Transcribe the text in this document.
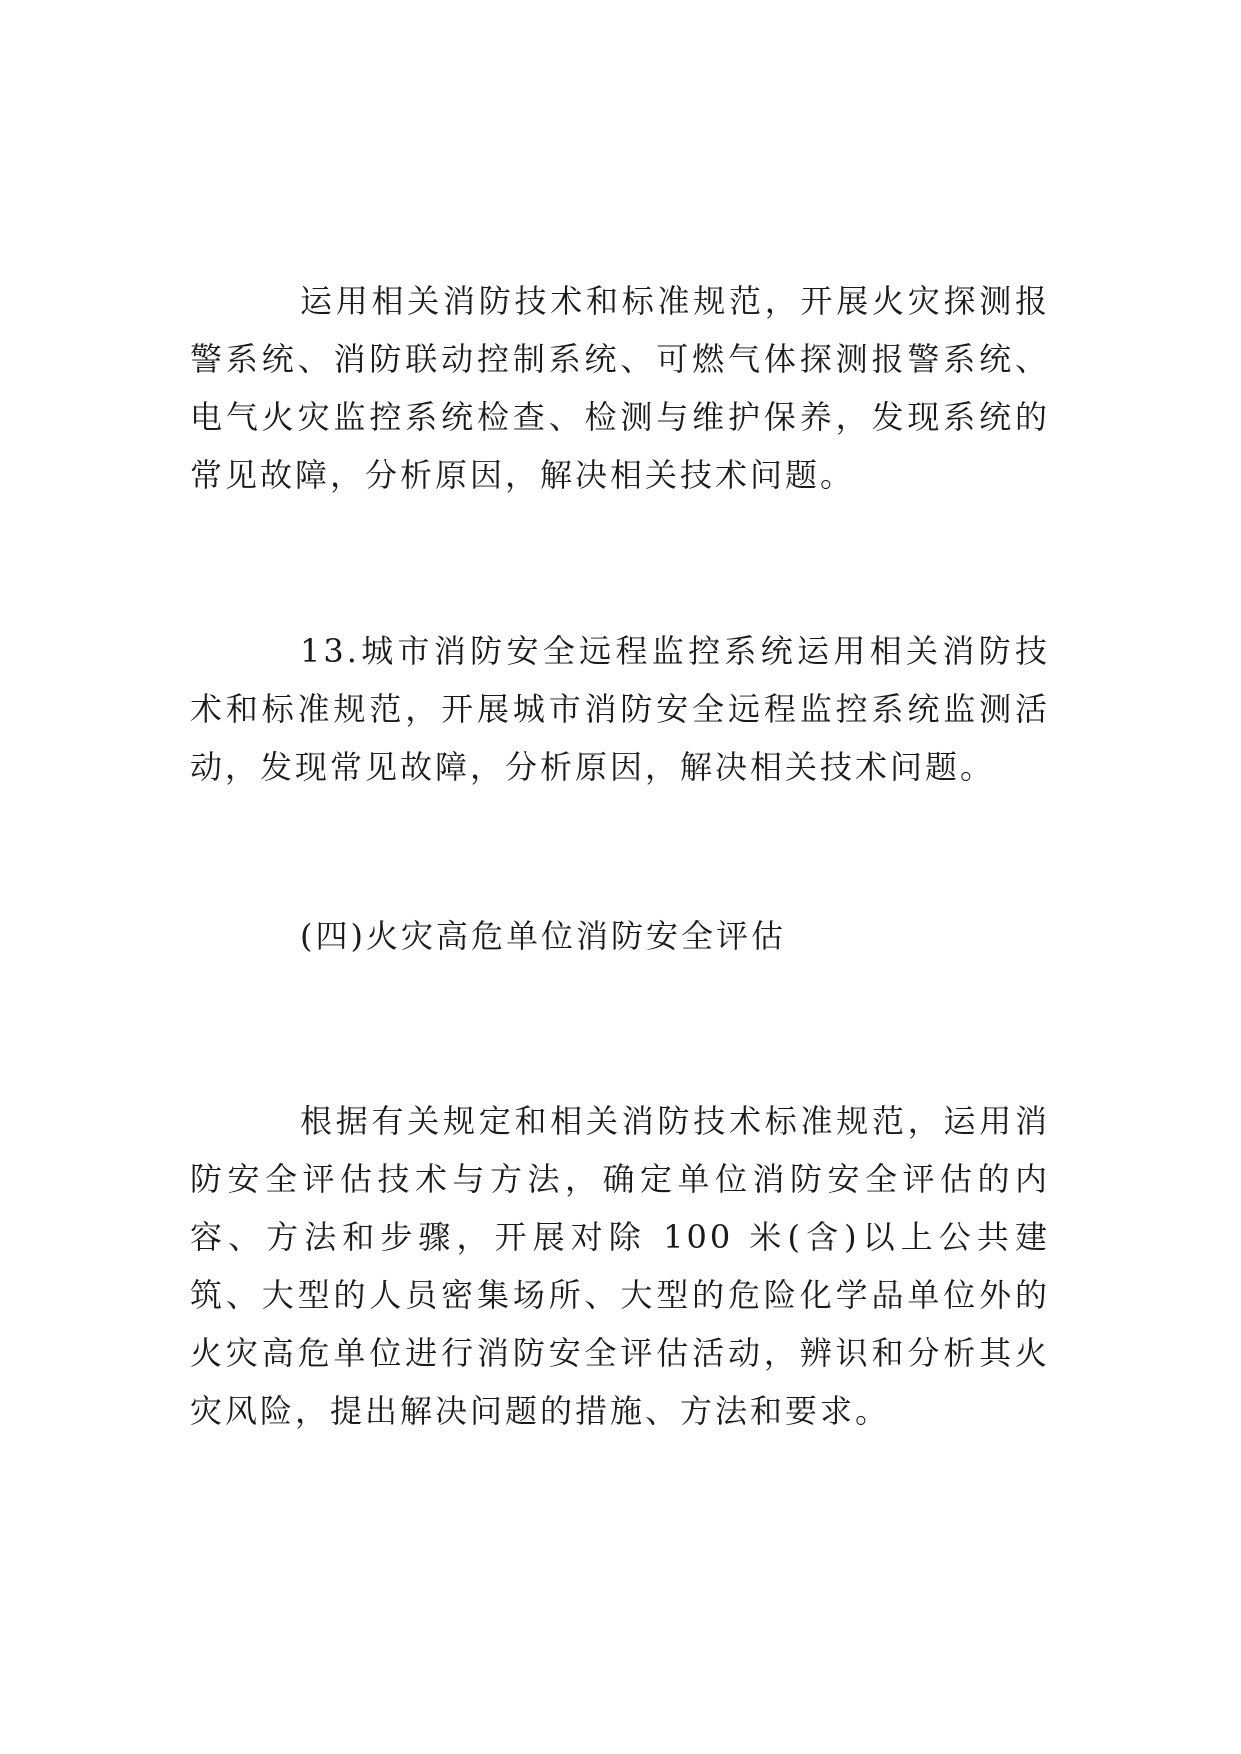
运用相关消防技术和标准规范，开展火灾探测报警系统、消防联动控制系统、可燃气体探测报警系统、电气火灾监控系统检查、检测与维护保养，发现系统的常见故障，分析原因，解决相关技术问题。

13.城市消防安全远程监控系统运用相关消防技术和标准规范，开展城市消防安全远程监控系统监测活动，发现常见故障，分析原因，解决相关技术问题。

(四)火灾高危单位消防安全评估

根据有关规定和相关消防技术标准规范，运用消防安全评估技术与方法，确定单位消防安全评估的内容、方法和步骤，开展对除 100 米(含)以上公共建筑、大型的人员密集场所、大型的危险化学品单位外的火灾高危单位进行消防安全评估活动，辨识和分析其火灾风险，提出解决问题的措施、方法和要求。
